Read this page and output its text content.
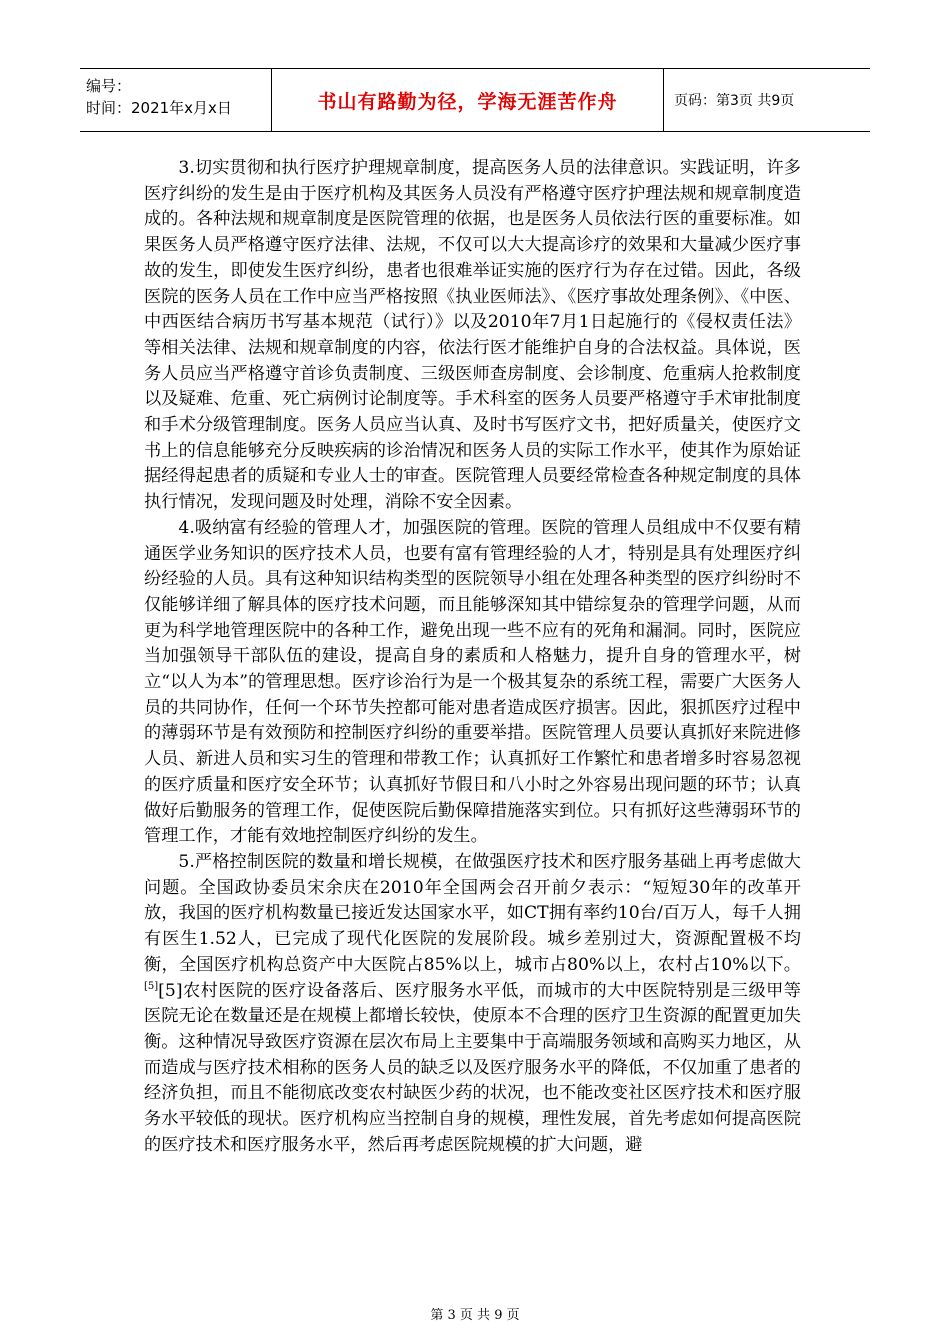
编号：
时间：2021年x月x日	书山有路勤为径，学海无涯苦作舟	页码：第3页 共9页

3.切实贯彻和执行医疗护理规章制度，提高医务人员的法律意识。实践证明，许多医疗纠纷的发生是由于医疗机构及其医务人员没有严格遵守医疗护理法规和规章制度造成的。各种法规和规章制度是医院管理的依据，也是医务人员依法行医的重要标准。如果医务人员严格遵守医疗法律、法规，不仅可以大大提高诊疗的效果和大量减少医疗事故的发生，即使发生医疗纠纷，患者也很难举证实施的医疗行为存在过错。因此，各级医院的医务人员在工作中应当严格按照《执业医师法》、《医疗事故处理条例》、《中医、中西医结合病历书写基本规范（试行）》以及2010年7月1日起施行的《侵权责任法》等相关法律、法规和规章制度的内容，依法行医才能维护自身的合法权益。具体说，医务人员应当严格遵守首诊负责制度、三级医师查房制度、会诊制度、危重病人抢救制度以及疑难、危重、死亡病例讨论制度等。手术科室的医务人员要严格遵守手术审批制度和手术分级管理制度。医务人员应当认真、及时书写医疗文书，把好质量关，使医疗文书上的信息能够充分反映疾病的诊治情况和医务人员的实际工作水平，使其作为原始证据经得起患者的质疑和专业人士的审查。医院管理人员要经常检查各种规定制度的具体执行情况，发现问题及时处理，消除不安全因素。

4.吸纳富有经验的管理人才，加强医院的管理。医院的管理人员组成中不仅要有精通医学业务知识的医疗技术人员，也要有富有管理经验的人才，特别是具有处理医疗纠纷经验的人员。具有这种知识结构类型的医院领导小组在处理各种类型的医疗纠纷时不仅能够详细了解具体的医疗技术问题，而且能够深知其中错综复杂的管理学问题，从而更为科学地管理医院中的各种工作，避免出现一些不应有的死角和漏洞。同时，医院应当加强领导干部队伍的建设，提高自身的素质和人格魅力，提升自身的管理水平，树立“以人为本”的管理思想。医疗诊治行为是一个极其复杂的系统工程，需要广大医务人员的共同协作，任何一个环节失控都可能对患者造成医疗损害。因此，狠抓医疗过程中的薄弱环节是有效预防和控制医疗纠纷的重要举措。医院管理人员要认真抓好来院进修人员、新进人员和实习生的管理和带教工作；认真抓好工作繁忙和患者增多时容易忽视的医疗质量和医疗安全环节；认真抓好节假日和八小时之外容易出现问题的环节；认真做好后勤服务的管理工作，促使医院后勤保障措施落实到位。只有抓好这些薄弱环节的管理工作，才能有效地控制医疗纠纷的发生。

5.严格控制医院的数量和增长规模，在做强医疗技术和医疗服务基础上再考虑做大问题。全国政协委员宋余庆在2010年全国两会召开前夕表示：“短短30年的改革开放，我国的医疗机构数量已接近发达国家水平，如CT拥有率约10台/百万人，每千人拥有医生1.52人，已完成了现代化医院的发展阶段。城乡差别过大，资源配置极不均衡，全国医疗机构总资产中大医院占85%以上，城市占80%以上，农村占10%以下。[5][5]农村医院的医疗设备落后、医疗服务水平低，而城市的大中医院特别是三级甲等医院无论在数量还是在规模上都增长较快，使原本不合理的医疗卫生资源的配置更加失衡。这种情况导致医疗资源在层次布局上主要集中于高端服务领域和高购买力地区，从而造成与医疗技术相称的医务人员的缺乏以及医疗服务水平的降低，不仅加重了患者的经济负担，而且不能彻底改变农村缺医少药的状况，也不能改变社区医疗技术和医疗服务水平较低的现状。医疗机构应当控制自身的规模，理性发展，首先考虑如何提高医院的医疗技术和医疗服务水平，然后再考虑医院规模的扩大问题，避

第 3 页 共 9 页
